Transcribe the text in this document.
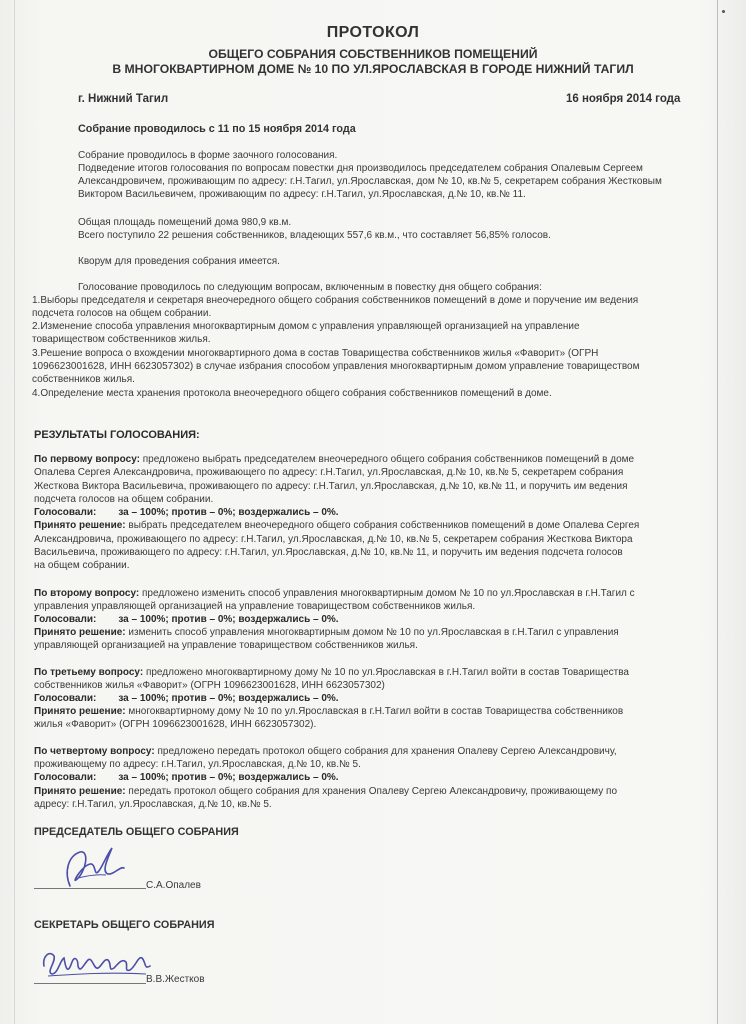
ПРОТОКОЛ
ОБЩЕГО СОБРАНИЯ СОБСТВЕННИКОВ ПОМЕЩЕНИЙ
В МНОГОКВАРТИРНОМ ДОМЕ № 10 ПО УЛ.ЯРОСЛАВСКАЯ В ГОРОДЕ НИЖНИЙ ТАГИЛ
г. Нижний Тагил	16 ноября 2014 года
Собрание проводилось с 11 по 15 ноября 2014 года
Собрание проводилось в форме заочного голосования.
Подведение итогов голосования по вопросам повестки дня производилось председателем собрания Опалевым Сергеем
Александровичем, проживающим по адресу: г.Н.Тагил, ул.Ярославская, дом № 10, кв.№ 5, секретарем собрания Жестковым
Виктором Васильевичем, проживающим по адресу: г.Н.Тагил, ул.Ярославская, д.№ 10, кв.№ 11.
Общая площадь помещений дома 980,9 кв.м.
Всего поступило 22 решения собственников, владеющих 557,6 кв.м., что составляет 56,85% голосов.
Кворум для проведения собрания имеется.
Голосование проводилось по следующим вопросам, включенным в повестку дня общего собрания:
1.Выборы председателя и секретаря внеочередного общего собрания собственников помещений в доме и поручение им ведения
подсчета голосов на общем собрании.
2.Изменение способа управления многоквартирным домом с управления управляющей организацией на управление
товариществом собственников жилья.
3.Решение вопроса о вхождении многоквартирного дома в состав Товарищества собственников жилья «Фаворит» (ОГРН
1096623001628, ИНН 6623057302) в случае избрания способом управления многоквартирным домом управление товариществом
собственников жилья.
4.Определение места хранения протокола внеочередного общего собрания собственников помещений в доме.
РЕЗУЛЬТАТЫ ГОЛОСОВАНИЯ:
По первому вопросу: предложено выбрать председателем внеочередного общего собрания собственников помещений в доме
Опалева Сергея Александровича, проживающего по адресу: г.Н.Тагил, ул.Ярославская, д.№ 10, кв.№ 5, секретарем собрания
Жесткова Виктора Васильевича, проживающего по адресу: г.Н.Тагил, ул.Ярославская, д.№ 10, кв.№ 11, и поручить им ведения
подсчета голосов на общем собрании.
Голосовали: за – 100%; против – 0%; воздержались – 0%.
Принято решение: выбрать председателем внеочередного общего собрания собственников помещений в доме Опалева Сергея
Александровича, проживающего по адресу: г.Н.Тагил, ул.Ярославская, д.№ 10, кв.№ 5, секретарем собрания Жесткова Виктора
Васильевича, проживающего по адресу: г.Н.Тагил, ул.Ярославская, д.№ 10, кв.№ 11, и поручить им ведения подсчета голосов
на общем собрании.
По второму вопросу: предложено изменить способ управления многоквартирным домом № 10 по ул.Ярославская в г.Н.Тагил с
управления управляющей организацией на управление товариществом собственников жилья.
Голосовали: за – 100%; против – 0%; воздержались – 0%.
Принято решение: изменить способ управления многоквартирным домом № 10 по ул.Ярославская в г.Н.Тагил с управления
управляющей организацией на управление товариществом собственников жилья.
По третьему вопросу: предложено многоквартирному дому № 10 по ул.Ярославская в г.Н.Тагил войти в состав Товарищества
собственников жилья «Фаворит» (ОГРН 1096623001628, ИНН 6623057302)
Голосовали: за – 100%; против – 0%; воздержались – 0%.
Принято решение: многоквартирному дому № 10 по ул.Ярославская в г.Н.Тагил войти в состав Товарищества собственников
жилья «Фаворит» (ОГРН 1096623001628, ИНН 6623057302).
По четвертому вопросу: предложено передать протокол общего собрания для хранения Опалеву Сергею Александровичу,
проживающему по адресу: г.Н.Тагил, ул.Ярославская, д.№ 10, кв.№ 5.
Голосовали: за – 100%; против – 0%; воздержались – 0%.
Принято решение: передать протокол общего собрания для хранения Опалеву Сергею Александровичу, проживающему по
адресу: г.Н.Тагил, ул.Ярославская, д.№ 10, кв.№ 5.
ПРЕДСЕДАТЕЛЬ ОБЩЕГО СОБРАНИЯ
С.А.Опалев
СЕКРЕТАРЬ ОБЩЕГО СОБРАНИЯ
В.В.Жестков
